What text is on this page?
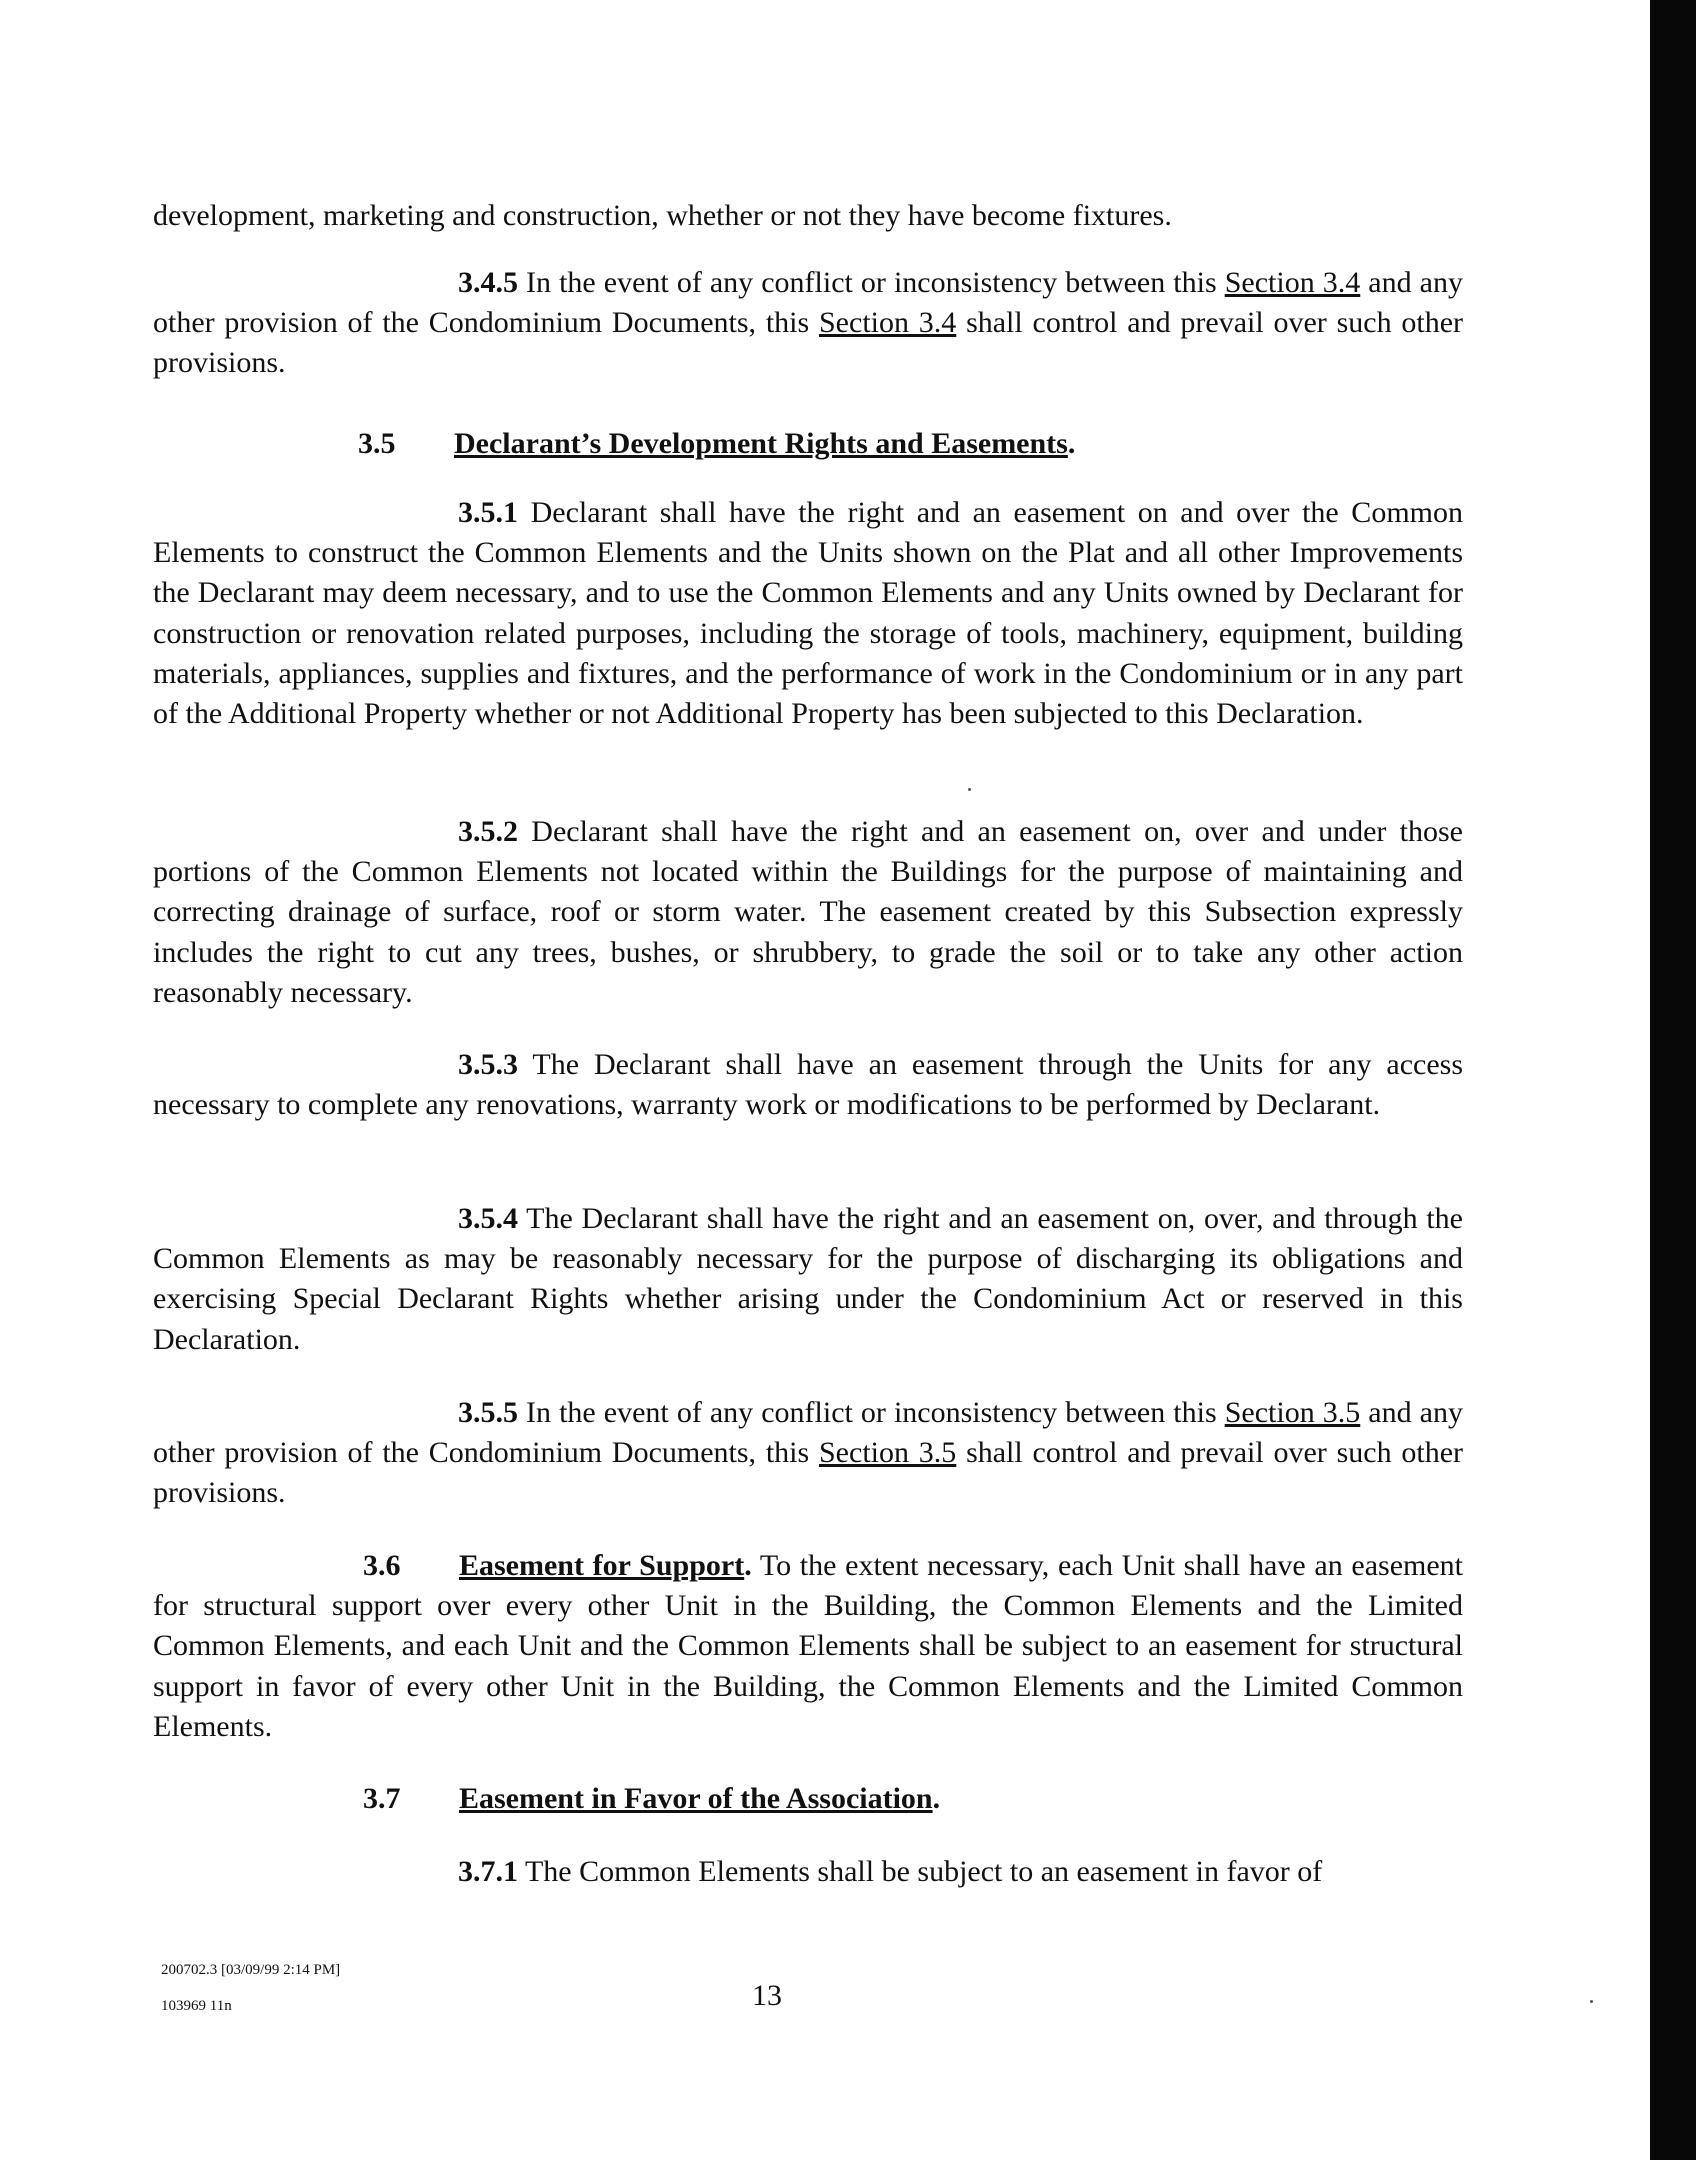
development, marketing and construction, whether or not they have become fixtures.
3.4.5 In the event of any conflict or inconsistency between this Section 3.4 and any other provision of the Condominium Documents, this Section 3.4 shall control and prevail over such other provisions.
3.5 Declarant’s Development Rights and Easements.
3.5.1 Declarant shall have the right and an easement on and over the Common Elements to construct the Common Elements and the Units shown on the Plat and all other Improvements the Declarant may deem necessary, and to use the Common Elements and any Units owned by Declarant for construction or renovation related purposes, including the storage of tools, machinery, equipment, building materials, appliances, supplies and fixtures, and the performance of work in the Condominium or in any part of the Additional Property whether or not Additional Property has been subjected to this Declaration.
3.5.2 Declarant shall have the right and an easement on, over and under those portions of the Common Elements not located within the Buildings for the purpose of maintaining and correcting drainage of surface, roof or storm water. The easement created by this Subsection expressly includes the right to cut any trees, bushes, or shrubbery, to grade the soil or to take any other action reasonably necessary.
3.5.3 The Declarant shall have an easement through the Units for any access necessary to complete any renovations, warranty work or modifications to be performed by Declarant.
3.5.4 The Declarant shall have the right and an easement on, over, and through the Common Elements as may be reasonably necessary for the purpose of discharging its obligations and exercising Special Declarant Rights whether arising under the Condominium Act or reserved in this Declaration.
3.5.5 In the event of any conflict or inconsistency between this Section 3.5 and any other provision of the Condominium Documents, this Section 3.5 shall control and prevail over such other provisions.
3.6 Easement for Support. To the extent necessary, each Unit shall have an easement for structural support over every other Unit in the Building, the Common Elements and the Limited Common Elements, and each Unit and the Common Elements shall be subject to an easement for structural support in favor of every other Unit in the Building, the Common Elements and the Limited Common Elements.
3.7 Easement in Favor of the Association.
3.7.1 The Common Elements shall be subject to an easement in favor of
200702.3 [03/09/99 2:14 PM]
103969 11n	13
